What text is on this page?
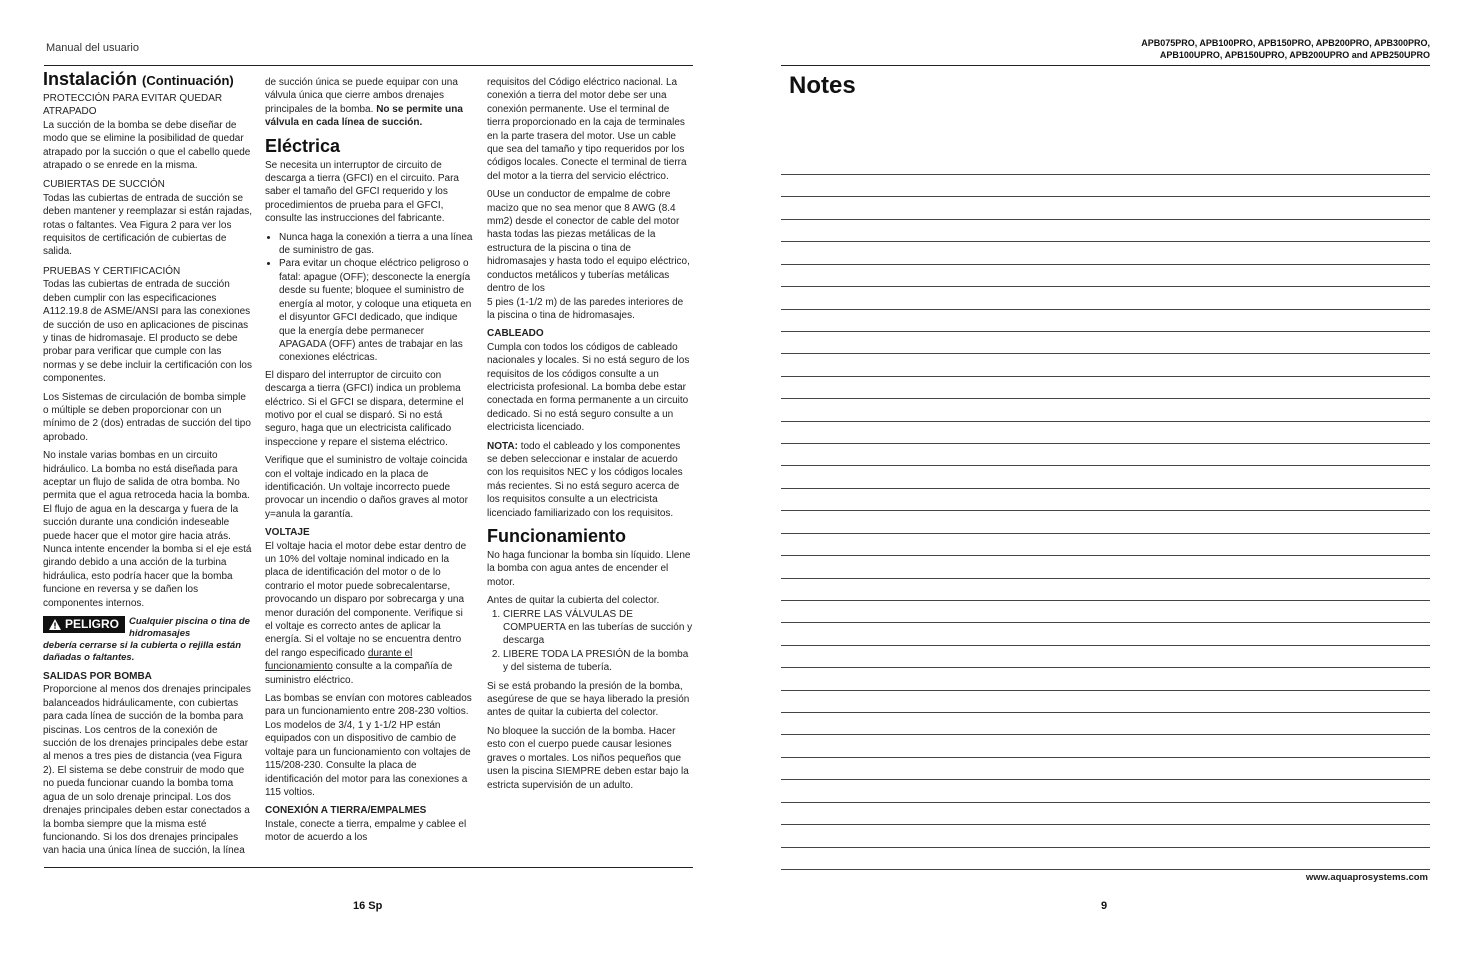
Manual del usuario	APB075PRO, APB100PRO, APB150PRO, APB200PRO, APB300PRO,
APB100UPRO, APB150UPRO, APB200UPRO and APB250UPRO
Instalación (Continuación)
PROTECCIÓN PARA EVITAR QUEDAR ATRAPADO

La succión de la bomba se debe diseñar de modo que se elimine la posibilidad de quedar atrapado por la succión o que el cabello quede atrapado o se enrede en la misma.

CUBIERTAS DE SUCCIÓN

Todas las cubiertas de entrada de succión se deben mantener y reemplazar si están rajadas, rotas o faltantes. Vea Figura 2 para ver los requisitos de certificación de cubiertas de salida.

PRUEBAS Y CERTIFICACIÓN

Todas las cubiertas de entrada de succión deben cumplir con las especificaciones A112.19.8 de ASME/ANSI para las conexiones de succión de uso en aplicaciones de piscinas y tinas de hidromasaje. El producto se debe probar para verificar que cumple con las normas y se debe incluir la certificación con los componentes.

Los Sistemas de circulación de bomba simple o múltiple se deben proporcionar con un mínimo de 2 (dos) entradas de succión del tipo aprobado.

No instale varias bombas en un circuito hidráulico. La bomba no está diseñada para aceptar un flujo de salida de otra bomba. No permita que el agua retroceda hacia la bomba. El flujo de agua en la descarga y fuera de la succión durante una condición indeseable puede hacer que el motor gire hacia atrás. Nunca intente encender la bomba si el eje está girando debido a una acción de la turbina hidráulica, esto podría hacer que la bomba funcione en reversa y se dañen los componentes internos.

PELIGRO Cualquier piscina o tina de hidromasajes
debería cerrarse si la cubierta o rejilla están dañadas o faltantes.
SALIDAS POR BOMBA

Proporcione al menos dos drenajes principales balanceados hidráulicamente, con cubiertas para cada línea de succión de la bomba para piscinas. Los centros de la conexión de succión de los drenajes principales debe estar al menos a tres pies de distancia (vea Figura 2). El sistema se debe construir de modo que no pueda funcionar cuando la bomba toma agua de un solo drenaje principal. Los dos drenajes principales deben estar conectados a la bomba siempre que la misma esté funcionando. Si los dos drenajes principales van hacia una única línea de succión, la línea

de succión única se puede equipar con una válvula única que cierre ambos drenajes principales de la bomba. No se permite una válvula en cada línea de succión.

Eléctrica

Se necesita un interruptor de circuito de descarga a tierra (GFCI) en el circuito. Para saber el tamaño del GFCI requerido y los procedimientos de prueba para el GFCI, consulte las instrucciones del fabricante.

• Nunca haga la conexión a tierra a una línea de suministro de gas.
• Para evitar un choque eléctrico peligroso o fatal: apague (OFF); desconecte la energía desde su fuente; bloquee el suministro de energía al motor, y coloque una etiqueta en el disyuntor GFCI dedicado, que indique que la energía debe permanecer APAGADA (OFF) antes de trabajar en las conexiones eléctricas.

El disparo del interruptor de circuito con descarga a tierra (GFCI) indica un problema eléctrico. Si el GFCI se dispara, determine el motivo por el cual se disparó. Si no está seguro, haga que un electricista calificado inspeccione y repare el sistema eléctrico.

Verifique que el suministro de voltaje coincida con el voltaje indicado en la placa de identificación. Un voltaje incorrecto puede provocar un incendio o daños graves al motor y=anula la garantía.

VOLTAJE

El voltaje hacia el motor debe estar dentro de un 10% del voltaje nominal indicado en la placa de identificación del motor o de lo contrario el motor puede sobrecalentarse, provocando un disparo por sobrecarga y una menor duración del componente. Verifique si el voltaje es correcto antes de aplicar la energía. Si el voltaje no se encuentra dentro del rango especificado durante el funcionamiento consulte a la compañía de suministro eléctrico.

Las bombas se envían con motores cableados para un funcionamiento entre 208-230 voltios. Los modelos de 3/4, 1 y 1-1/2 HP están equipados con un dispositivo de cambio de voltaje para un funcionamiento con voltajes de 115/208-230. Consulte la placa de identificación del motor para las conexiones a 115 voltios.

CONEXIÓN A TIERRA/EMPALMES

Instale, conecte a tierra, empalme y cablee el motor de acuerdo a los

requisitos del Código eléctrico nacional. La conexión a tierra del motor debe ser una conexión permanente. Use el terminal de tierra proporcionado en la caja de terminales en la parte trasera del motor. Use un cable que sea del tamaño y tipo requeridos por los códigos locales. Conecte el terminal de tierra del motor a la tierra del servicio eléctrico.

0Use un conductor de empalme de cobre macizo que no sea menor que 8 AWG (8.4 mm2) desde el conector de cable del motor hasta todas las piezas metálicas de la estructura de la piscina o tina de hidromasajes y hasta todo el equipo eléctrico, conductos metálicos y tuberías metálicas dentro de los

5 pies (1-1/2 m) de las paredes interiores de la piscina o tina de hidromasajes.

CABLEADO

Cumpla con todos los códigos de cableado nacionales y locales. Si no está seguro de los requisitos de los códigos consulte a un electricista profesional. La bomba debe estar conectada en forma permanente a un circuito dedicado. Si no está seguro consulte a un electricista licenciado.

NOTA: todo el cableado y los componentes se deben seleccionar e instalar de acuerdo con los requisitos NEC y los códigos locales más recientes. Si no está seguro acerca de los requisitos consulte a un electricista licenciado familiarizado con los requisitos.

Funcionamiento

No haga funcionar la bomba sin líquido. Llene la bomba con agua antes de encender el motor.

Antes de quitar la cubierta del colector.

1. CIERRE LAS VÁLVULAS DE COMPUERTA en las tuberías de succión y descarga
2. LIBERE TODA LA PRESIÓN de la bomba y del sistema de tubería.

Si se está probando la presión de la bomba, asegúrese de que se haya liberado la presión antes de quitar la cubierta del colector.

No bloquee la succión de la bomba. Hacer esto con el cuerpo puede causar lesiones graves o mortales. Los niños pequeños que usen la piscina SIEMPRE deben estar bajo la estricta supervisión de un adulto.

Notes
16 Sp	9
www.aquaprosystems.com
